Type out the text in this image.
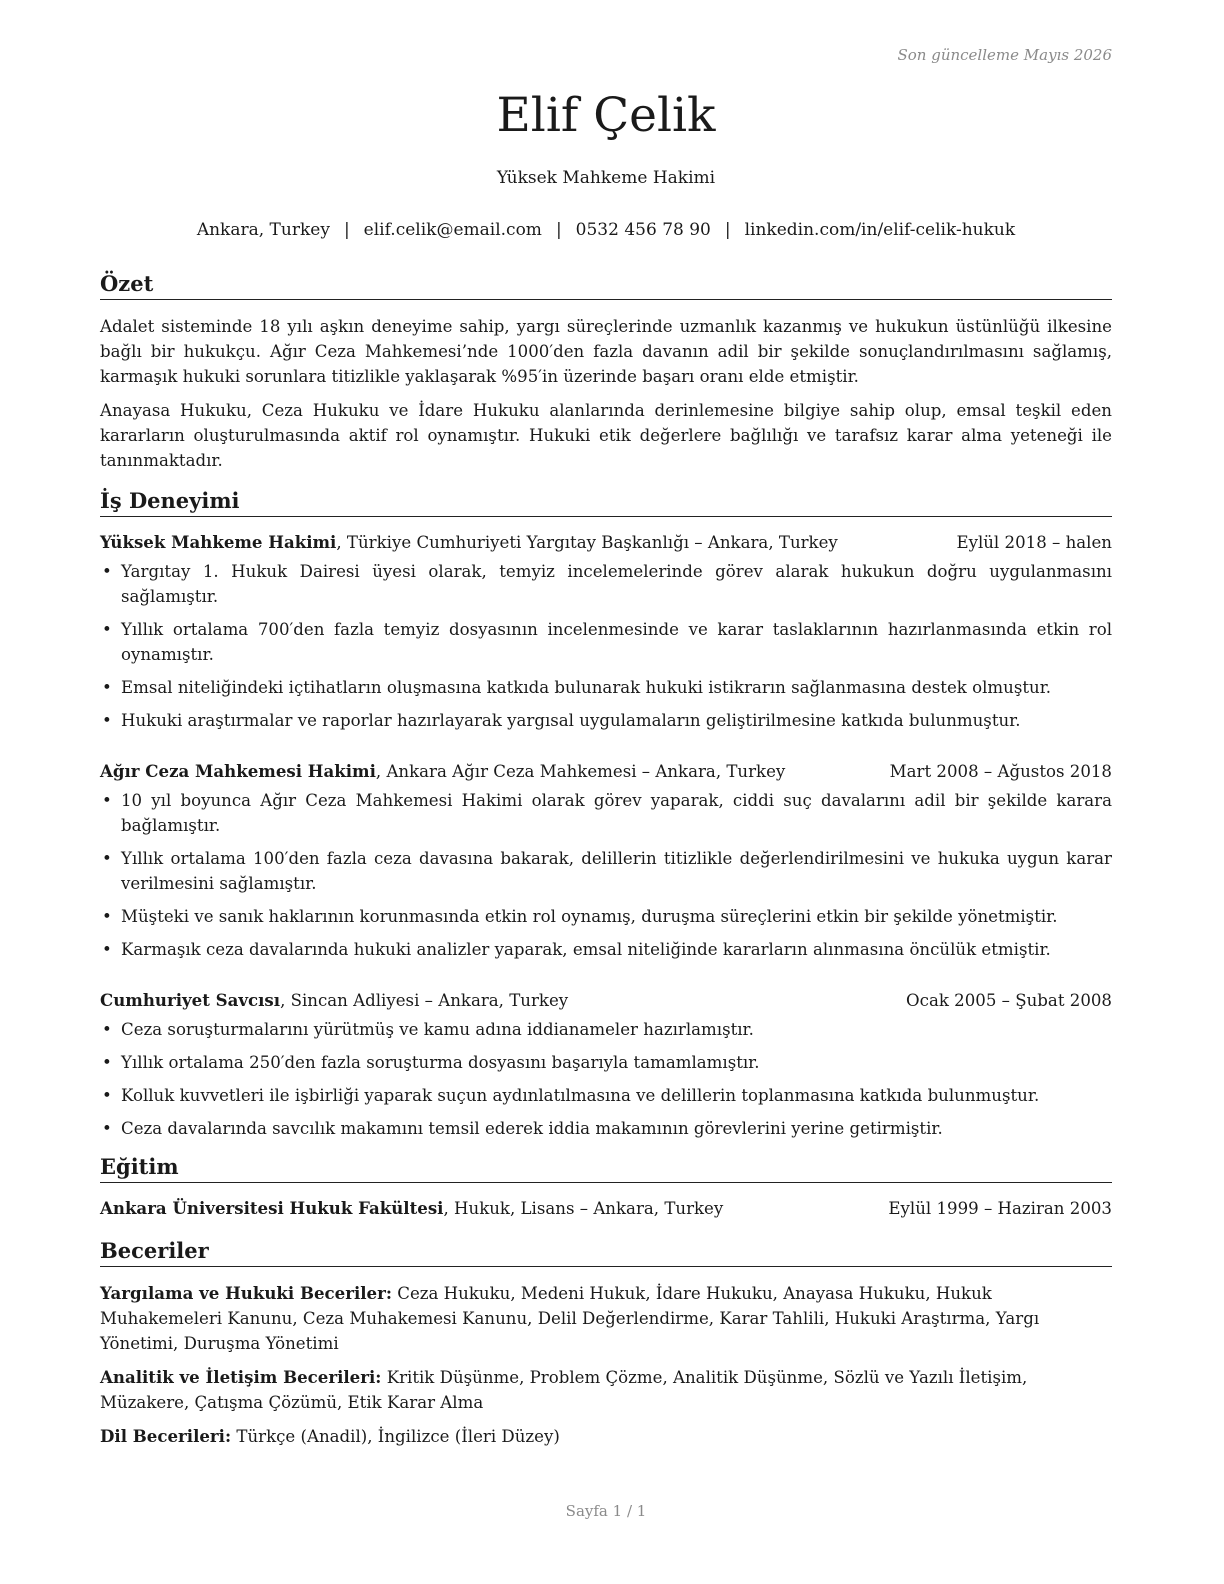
Son güncelleme Mayıs 2026
Elif Çelik
Yüksek Mahkeme Hakimi
Ankara, Turkey | elif.celik@email.com | 0532 456 78 90 | linkedin.com/in/elif-celik-hukuk
Özet

Adalet sisteminde 18 yılı aşkın deneyime sahip, yargı süreçlerinde uzmanlık kazanmış ve hukukun üstünlüğü ilkesine bağlı bir hukukçu. Ağır Ceza Mahkemesi’nde 1000′den fazla davanın adil bir şekilde sonuçlandırılmasını sağlamış, karmaşık hukuki sorunlara titizlikle yaklaşarak %95′in üzerinde başarı oranı elde etmiştir.

Anayasa Hukuku, Ceza Hukuku ve İdare Hukuku alanlarında derinlemesine bilgiye sahip olup, emsal teşkil eden kararların oluşturulmasında aktif rol oynamıştır. Hukuki etik değerlere bağlılığı ve tarafsız karar alma yeteneği ile tanınmaktadır.

İş Deneyimi
Yüksek Mahkeme Hakimi, Türkiye Cumhuriyeti Yargıtay Başkanlığı – Ankara, Turkey	Eylül 2018 – halen
• Yargıtay 1. Hukuk Dairesi üyesi olarak, temyiz incelemelerinde görev alarak hukukun doğru uygulanmasını sağlamıştır.
• Yıllık ortalama 700′den fazla temyiz dosyasının incelenmesinde ve karar taslaklarının hazırlanmasında etkin rol oynamıştır.
• Emsal niteliğindeki içtihatların oluşmasına katkıda bulunarak hukuki istikrarın sağlanmasına destek olmuştur.
• Hukuki araştırmalar ve raporlar hazırlayarak yargısal uygulamaların geliştirilmesine katkıda bulunmuştur.
Ağır Ceza Mahkemesi Hakimi, Ankara Ağır Ceza Mahkemesi – Ankara, Turkey	Mart 2008 – Ağustos 2018
• 10 yıl boyunca Ağır Ceza Mahkemesi Hakimi olarak görev yaparak, ciddi suç davalarını adil bir şekilde karara bağlamıştır.
• Yıllık ortalama 100′den fazla ceza davasına bakarak, delillerin titizlikle değerlendirilmesini ve hukuka uygun karar verilmesini sağlamıştır.
• Müşteki ve sanık haklarının korunmasında etkin rol oynamış, duruşma süreçlerini etkin bir şekilde yönetmiştir.
• Karmaşık ceza davalarında hukuki analizler yaparak, emsal niteliğinde kararların alınmasına öncülük etmiştir.
Cumhuriyet Savcısı, Sincan Adliyesi – Ankara, Turkey	Ocak 2005 – Şubat 2008
• Ceza soruşturmalarını yürütmüş ve kamu adına iddianameler hazırlamıştır.
• Yıllık ortalama 250′den fazla soruşturma dosyasını başarıyla tamamlamıştır.
• Kolluk kuvvetleri ile işbirliği yaparak suçun aydınlatılmasına ve delillerin toplanmasına katkıda bulunmuştur.
• Ceza davalarında savcılık makamını temsil ederek iddia makamının görevlerini yerine getirmiştir.
Eğitim
Ankara Üniversitesi Hukuk Fakültesi, Hukuk, Lisans – Ankara, Turkey	Eylül 1999 – Haziran 2003
Beceriler

Yargılama ve Hukuki Beceriler: Ceza Hukuku, Medeni Hukuk, İdare Hukuku, Anayasa Hukuku, Hukuk Muhakemeleri Kanunu, Ceza Muhakemesi Kanunu, Delil Değerlendirme, Karar Tahlili, Hukuki Araştırma, Yargı Yönetimi, Duruşma Yönetimi

Analitik ve İletişim Becerileri: Kritik Düşünme, Problem Çözme, Analitik Düşünme, Sözlü ve Yazılı İletişim, Müzakere, Çatışma Çözümü, Etik Karar Alma

Dil Becerileri: Türkçe (Anadil), İngilizce (İleri Düzey)

Sayfa 1 / 1
